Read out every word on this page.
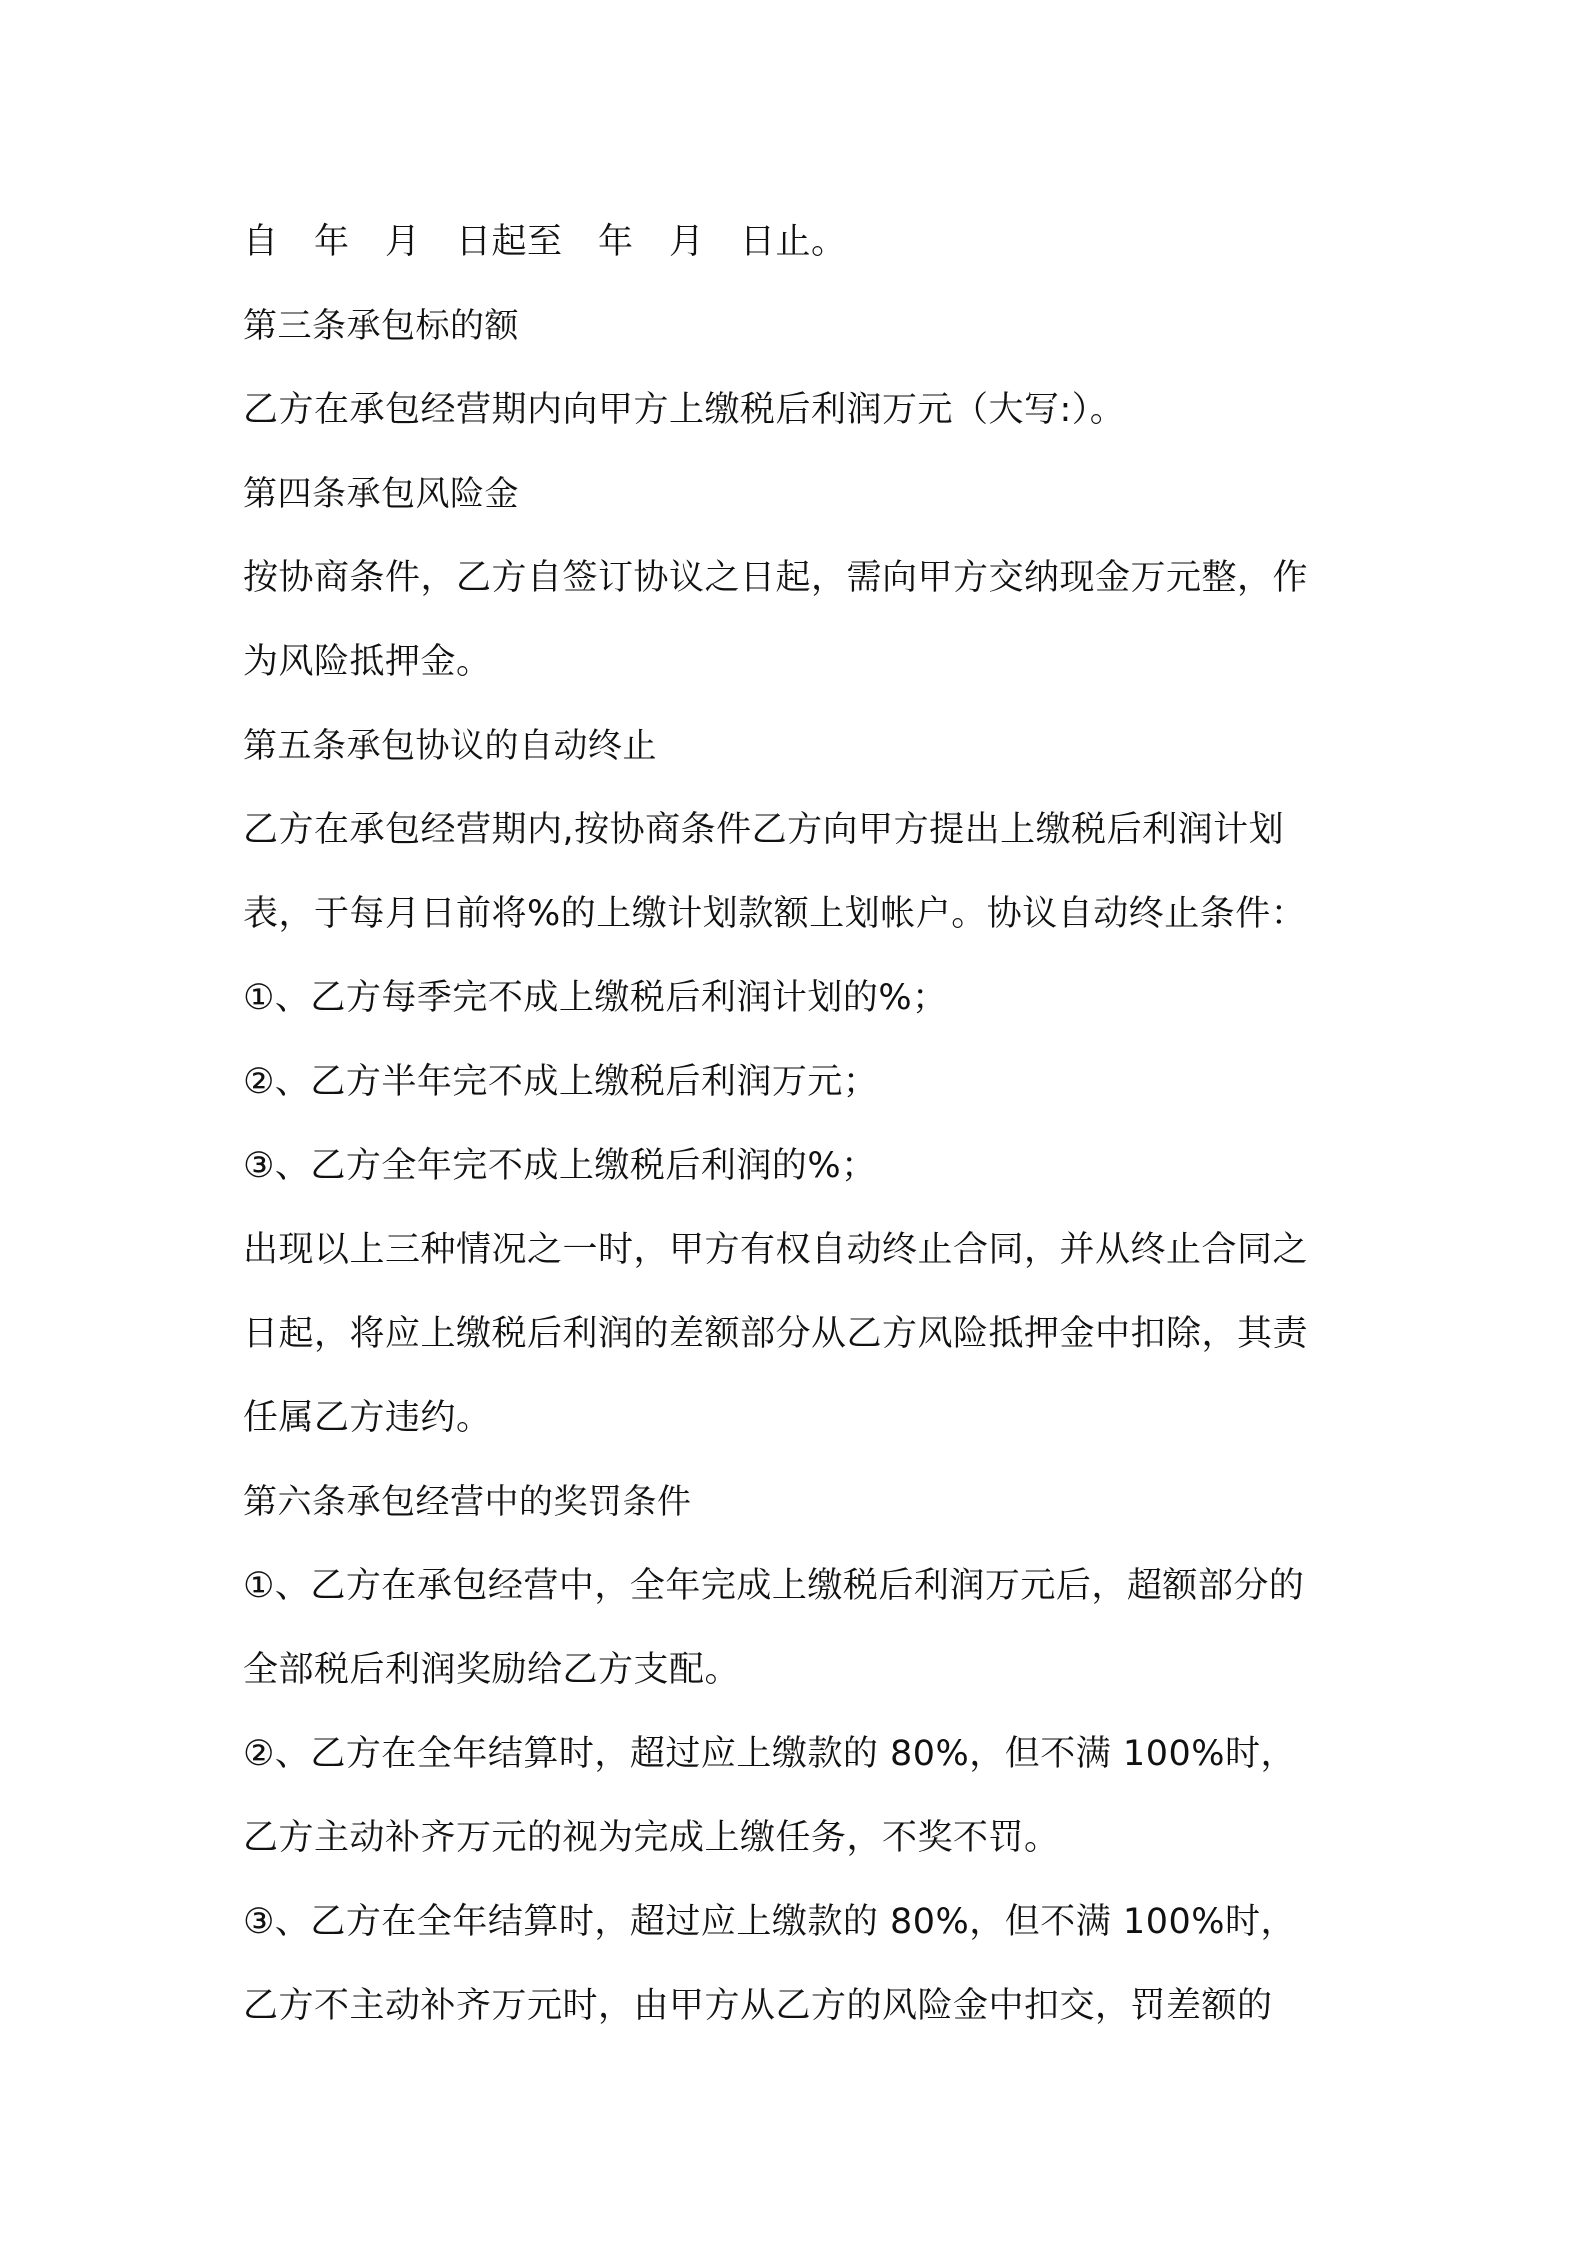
自　年　月　日起至　年　月　日止。

第三条承包标的额

乙方在承包经营期内向甲方上缴税后利润万元（大写:）。

第四条承包风险金

按协商条件，乙方自签订协议之日起，需向甲方交纳现金万元整，作

为风险抵押金。

第五条承包协议的自动终止

乙方在承包经营期内,按协商条件乙方向甲方提出上缴税后利润计划

表，于每月日前将%的上缴计划款额上划帐户。协议自动终止条件：

①、乙方每季完不成上缴税后利润计划的%；

②、乙方半年完不成上缴税后利润万元；

③、乙方全年完不成上缴税后利润的%；

出现以上三种情况之一时，甲方有权自动终止合同，并从终止合同之

日起，将应上缴税后利润的差额部分从乙方风险抵押金中扣除，其责

任属乙方违约。

第六条承包经营中的奖罚条件

①、乙方在承包经营中，全年完成上缴税后利润万元后，超额部分的

全部税后利润奖励给乙方支配。

②、乙方在全年结算时，超过应上缴款的 80%，但不满 100%时，

乙方主动补齐万元的视为完成上缴任务，不奖不罚。

③、乙方在全年结算时，超过应上缴款的 80%，但不满 100%时，

乙方不主动补齐万元时，由甲方从乙方的风险金中扣交，罚差额的
